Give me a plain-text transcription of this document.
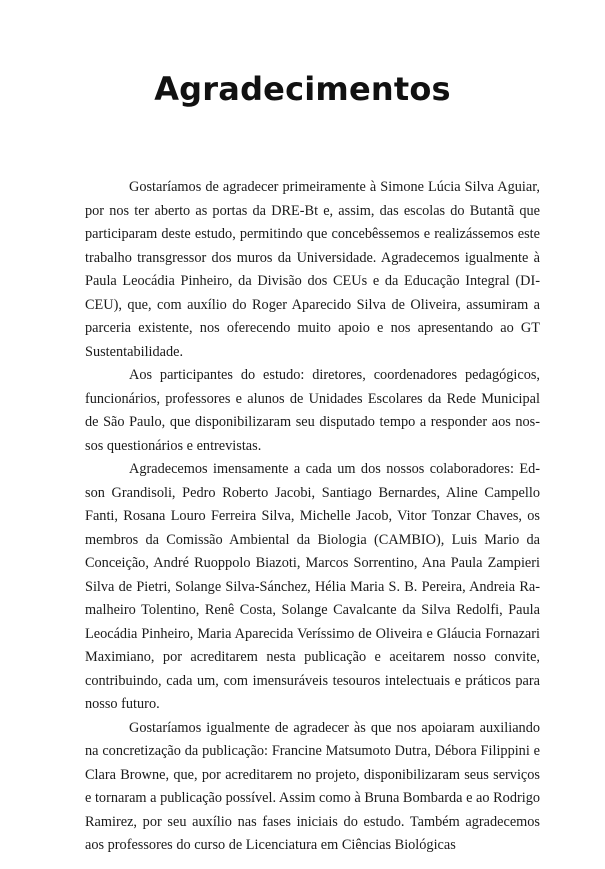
Agradecimentos

Gostaríamos de agradecer primeiramente à Simone Lúcia Silva Aguiar, por nos ter aberto as portas da DRE-Bt e, assim, das escolas do Butantã que participaram deste estudo, permitindo que concebêssemos e realizássemos este trabalho transgressor dos muros da Universidade. Agradecemos igualmente à Paula Leocádia Pinheiro, da Divisão dos CEUs e da Educação Integral (DI-CEU), que, com auxílio do Roger Aparecido Silva de Oliveira, assumiram a parceria existente, nos oferecendo muito apoio e nos apresentando ao GT Sustentabilidade.

Aos participantes do estudo: diretores, coordenadores pedagógicos, funcionários, professores e alunos de Unidades Escolares da Rede Municipal de São Paulo, que disponibilizaram seu disputado tempo a responder aos nossos questionários e entrevistas.

Agradecemos imensamente a cada um dos nossos colaboradores: Edson Grandisoli, Pedro Roberto Jacobi, Santiago Bernardes, Aline Campello Fanti, Rosana Louro Ferreira Silva, Michelle Jacob, Vitor Tonzar Chaves, os membros da Comissão Ambiental da Biologia (CAMBIO), Luis Mario da Conceição, André Ruoppolo Biazoti, Marcos Sorrentino, Ana Paula Zampieri Silva de Pietri, Solange Silva-Sánchez, Hélia Maria S. B. Pereira, Andreia Ramalheiro Tolentino, Renê Costa, Solange Cavalcante da Silva Redolfi, Paula Leocádia Pinheiro, Maria Aparecida Veríssimo de Oliveira e Gláucia Fornazari Maximiano, por acreditarem nesta publicação e aceitarem nosso convite, contribuindo, cada um, com imensuráveis tesouros intelectuais e práticos para nosso futuro.

Gostaríamos igualmente de agradecer às que nos apoiaram auxiliando na concretização da publicação: Francine Matsumoto Dutra, Débora Filippini e Clara Browne, que, por acreditarem no projeto, disponibilizaram seus serviços e tornaram a publicação possível. Assim como à Bruna Bombarda e ao Rodrigo Ramirez, por seu auxílio nas fases iniciais do estudo. Também agradecemos aos professores do curso de Licenciatura em Ciências Biológicas
